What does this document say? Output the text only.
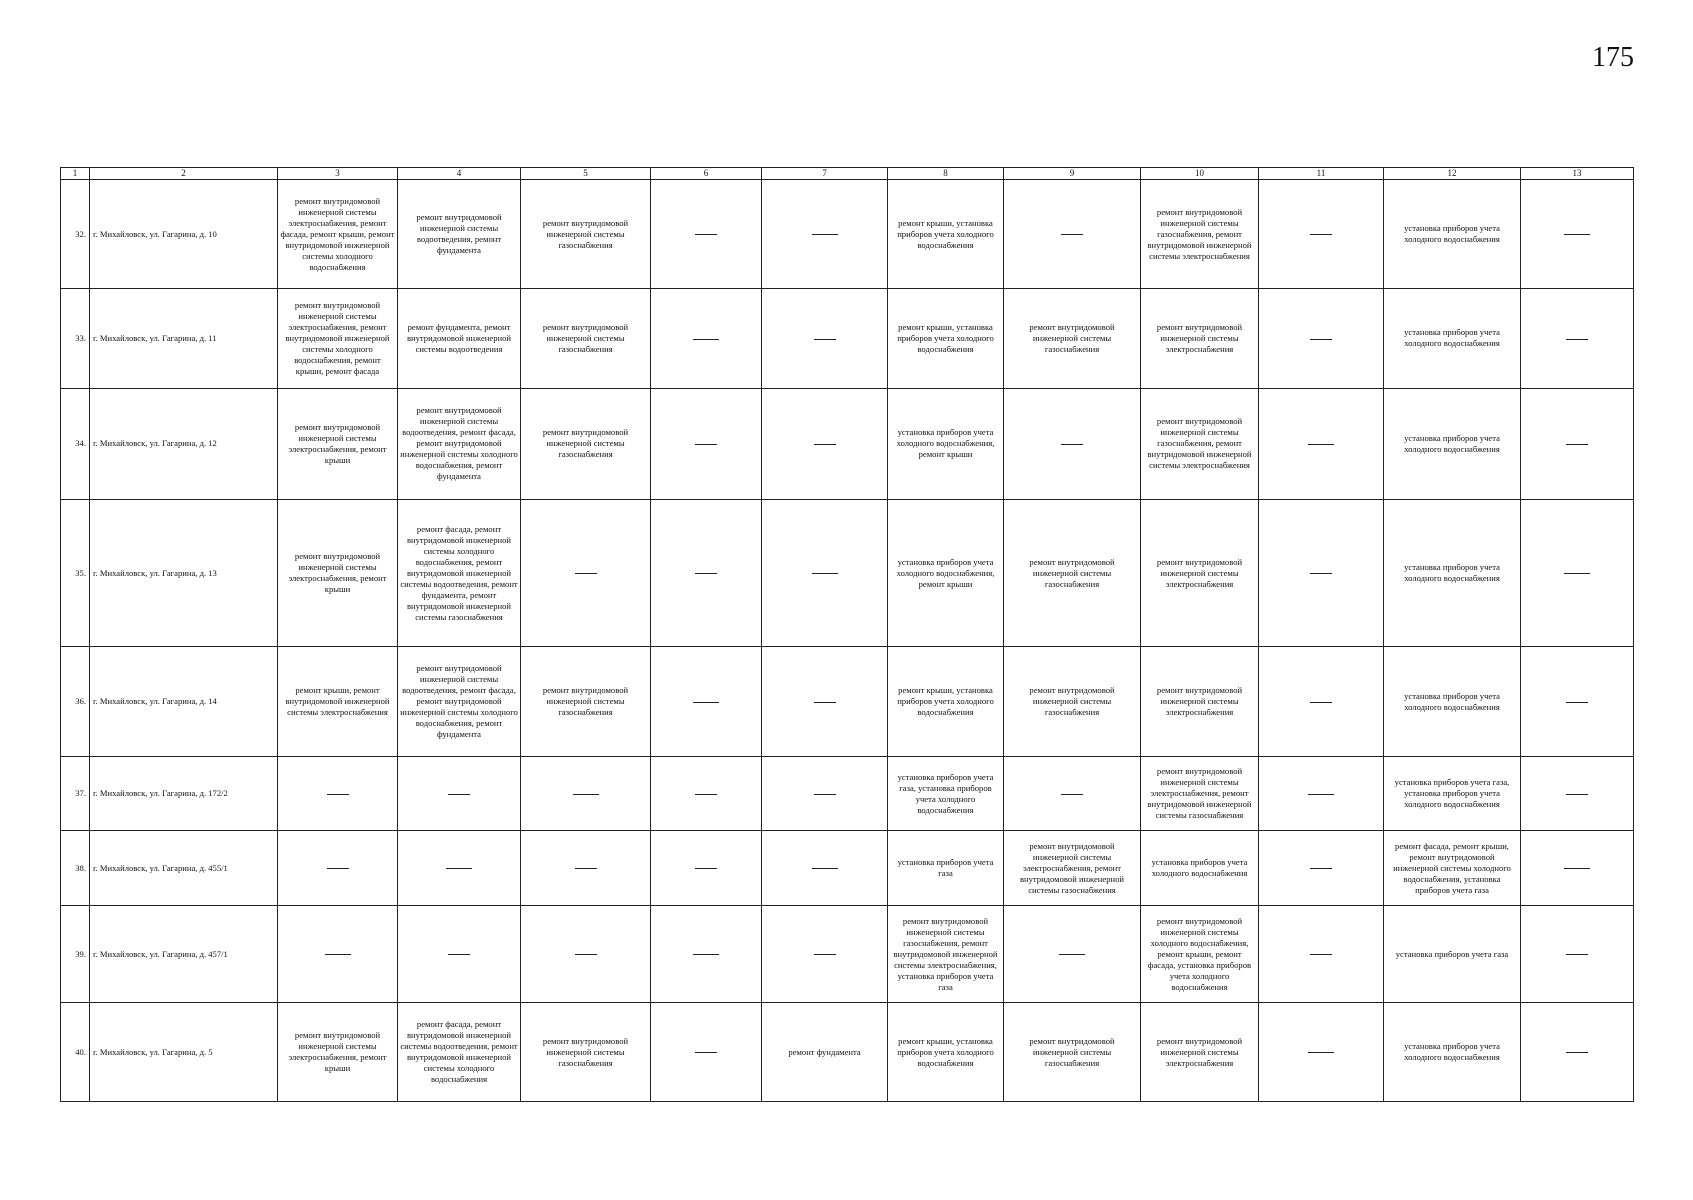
175
1	2	3	4	5	6	7	8	9	10	11	12	13
32.	г. Михайловск, ул. Гагарина, д. 10	ремонт внутридомовой инженерной системы электроснабжения, ремонт фасада, ремонт крыши, ремонт внутридомовой инженерной системы холодного водоснабжения	ремонт внутридомовой инженерной системы водоотведения, ремонт фундамента	ремонт внутридомовой инженерной системы газоснабжения			ремонт крыши, установка приборов учета холодного водоснабжения		ремонт внутридомовой инженерной системы газоснабжения, ремонт внутридомовой инженерной системы электроснабжения		установка приборов учета холодного водоснабжения	
33.	г. Михайловск, ул. Гагарина, д. 11	ремонт внутридомовой инженерной системы электроснабжения, ремонт внутридомовой инженерной системы холодного водоснабжения, ремонт крыши, ремонт фасада	ремонт фундамента, ремонт внутридомовой инженерной системы водоотведения	ремонт внутридомовой инженерной системы газоснабжения			ремонт крыши, установка приборов учета холодного водоснабжения	ремонт внутридомовой инженерной системы газоснабжения	ремонт внутридомовой инженерной системы электроснабжения		установка приборов учета холодного водоснабжения	
34.	г. Михайловск, ул. Гагарина, д. 12	ремонт внутридомовой инженерной системы электроснабжения, ремонт крыши	ремонт внутридомовой инженерной системы водоотведения, ремонт фасада, ремонт внутридомовой инженерной системы холодного водоснабжения, ремонт фундамента	ремонт внутридомовой инженерной системы газоснабжения			установка приборов учета холодного водоснабжения, ремонт крыши		ремонт внутридомовой инженерной системы газоснабжения, ремонт внутридомовой инженерной системы электроснабжения		установка приборов учета холодного водоснабжения	
35.	г. Михайловск, ул. Гагарина, д. 13	ремонт внутридомовой инженерной системы электроснабжения, ремонт крыши	ремонт фасада, ремонт внутридомовой инженерной системы холодного водоснабжения, ремонт внутридомовой инженерной системы водоотведения, ремонт фундамента, ремонт внутридомовой инженерной системы газоснабжения				установка приборов учета холодного водоснабжения, ремонт крыши	ремонт внутридомовой инженерной системы газоснабжения	ремонт внутридомовой инженерной системы электроснабжения		установка приборов учета холодного водоснабжения	
36.	г. Михайловск, ул. Гагарина, д. 14	ремонт крыши, ремонт внутридомовой инженерной системы электроснабжения	ремонт внутридомовой инженерной системы водоотведения, ремонт фасада, ремонт внутридомовой инженерной системы холодного водоснабжения, ремонт фундамента	ремонт внутридомовой инженерной системы газоснабжения			ремонт крыши, установка приборов учета холодного водоснабжения	ремонт внутридомовой инженерной системы газоснабжения	ремонт внутридомовой инженерной системы электроснабжения		установка приборов учета холодного водоснабжения	
37.	г. Михайловск, ул. Гагарина, д. 172/2						установка приборов учета газа, установка приборов учета холодного водоснабжения		ремонт внутридомовой инженерной системы электроснабжения, ремонт внутридомовой инженерной системы газоснабжения		установка приборов учета газа, установка приборов учета холодного водоснабжения	
38.	г. Михайловск, ул. Гагарина, д. 455/1						установка приборов учета газа	ремонт внутридомовой инженерной системы электроснабжения, ремонт внутридомовой инженерной системы газоснабжения	установка приборов учета холодного водоснабжения		ремонт фасада, ремонт крыши, ремонт внутридомовой инженерной системы холодного водоснабжения, установка приборов учета газа	
39.	г. Михайловск, ул. Гагарина, д. 457/1						ремонт внутридомовой инженерной системы газоснабжения, ремонт внутридомовой инженерной системы электроснабжения, установка приборов учета газа		ремонт внутридомовой инженерной системы холодного водоснабжения, ремонт крыши, ремонт фасада, установка приборов учета холодного водоснабжения		установка приборов учета газа	
40.	г. Михайловск, ул. Гагарина, д. 5	ремонт внутридомовой инженерной системы электроснабжения, ремонт крыши	ремонт фасада, ремонт внутридомовой инженерной системы водоотведения, ремонт внутридомовой инженерной системы холодного водоснабжения	ремонт внутридомовой инженерной системы газоснабжения		ремонт фундамента	ремонт крыши, установка приборов учета холодного водоснабжения	ремонт внутридомовой инженерной системы газоснабжения	ремонт внутридомовой инженерной системы электроснабжения		установка приборов учета холодного водоснабжения	
